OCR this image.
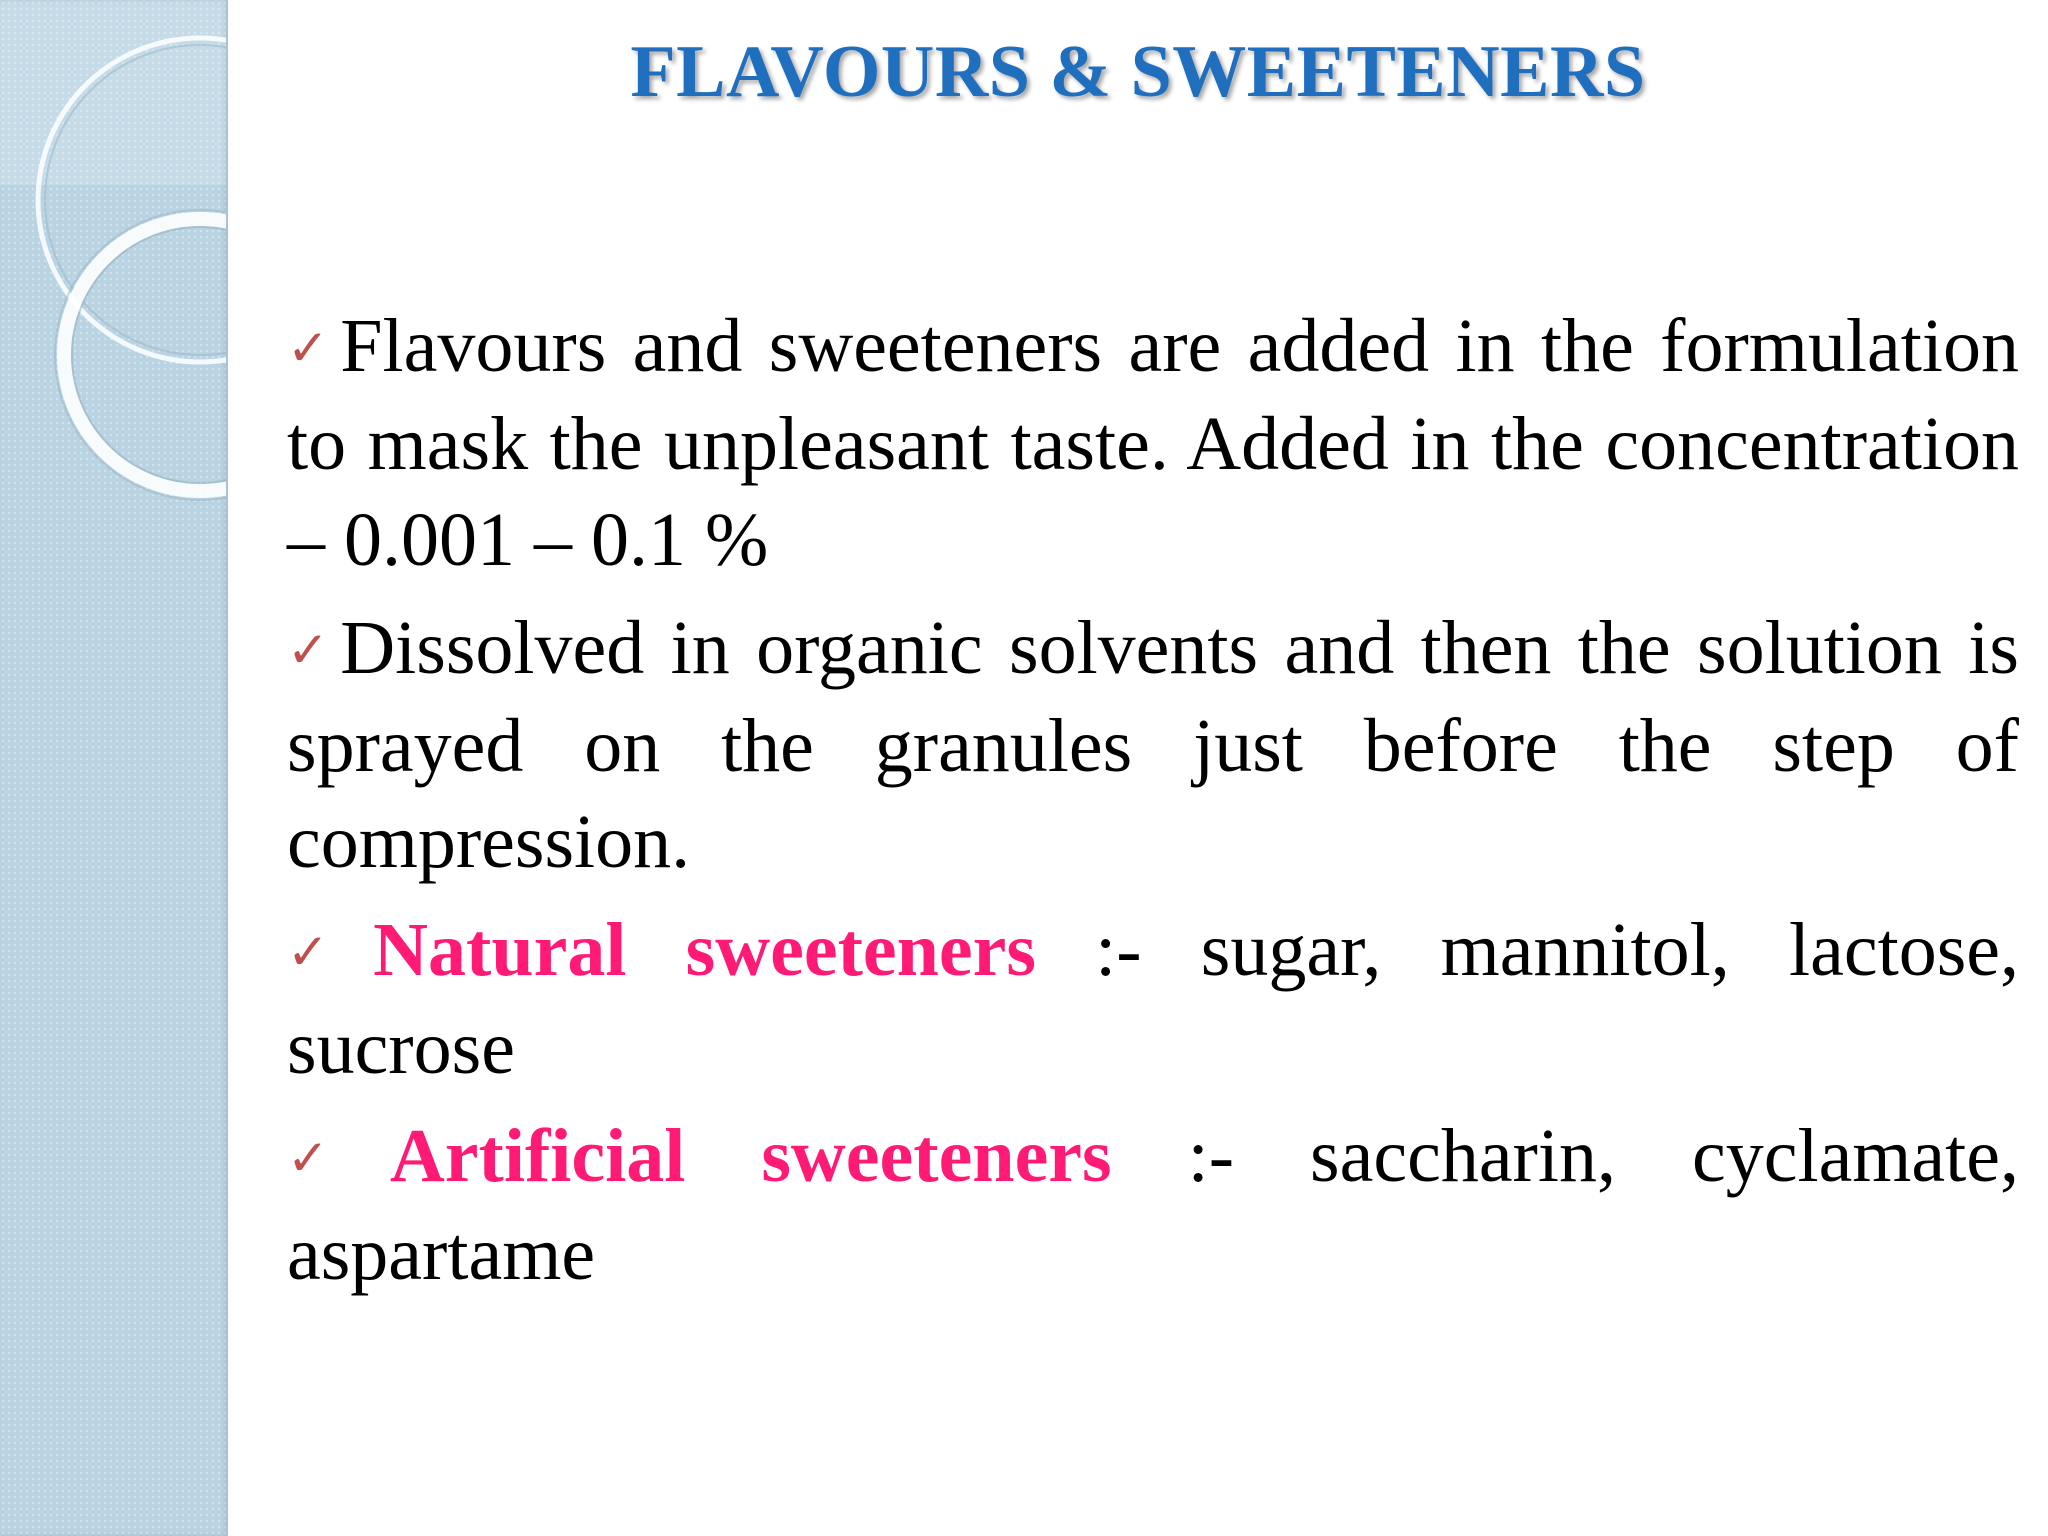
FLAVOURS & SWEETENERS

✓Flavours and sweeteners are added in the formulation to mask the unpleasant taste. Added in the concentration – 0.001 – 0.1 %

✓Dissolved in organic solvents and then the solution is sprayed on the granules just before the step of compression.

✓Natural sweeteners :- sugar, mannitol, lactose, sucrose

✓Artificial sweeteners :- saccharin, cyclamate, aspartame
